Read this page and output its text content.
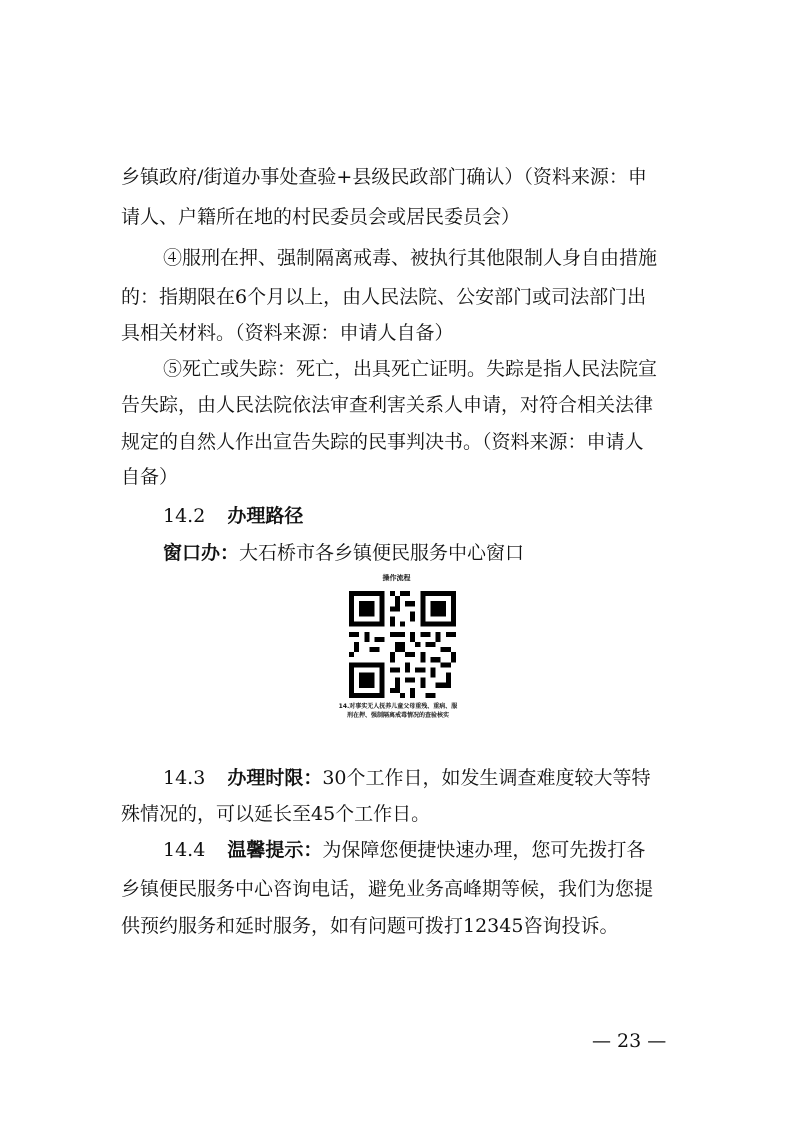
乡镇政府/街道办事处查验+县级民政部门确认）（资料来源：申
请人、户籍所在地的村民委员会或居民委员会）
④服刑在押、强制隔离戒毒、被执行其他限制人身自由措施
的：指期限在6个月以上，由人民法院、公安部门或司法部门出
具相关材料。（资料来源：申请人自备）
⑤死亡或失踪：死亡，出具死亡证明。失踪是指人民法院宣
告失踪，由人民法院依法审查利害关系人申请，对符合相关法律
规定的自然人作出宣告失踪的民事判决书。（资料来源：申请人
自备）
14.2 办理路径
窗口办：大石桥市各乡镇便民服务中心窗口
操作流程
14.对事实无人抚养儿童父母重残、重病、服
刑在押、强制隔离戒毒情况的查验核实
14.3 办理时限：30个工作日，如发生调查难度较大等特
殊情况的，可以延长至45个工作日。
14.4 温馨提示：为保障您便捷快速办理，您可先拨打各
乡镇便民服务中心咨询电话，避免业务高峰期等候，我们为您提
供预约服务和延时服务，如有问题可拨打12345咨询投诉。
— 23 —
